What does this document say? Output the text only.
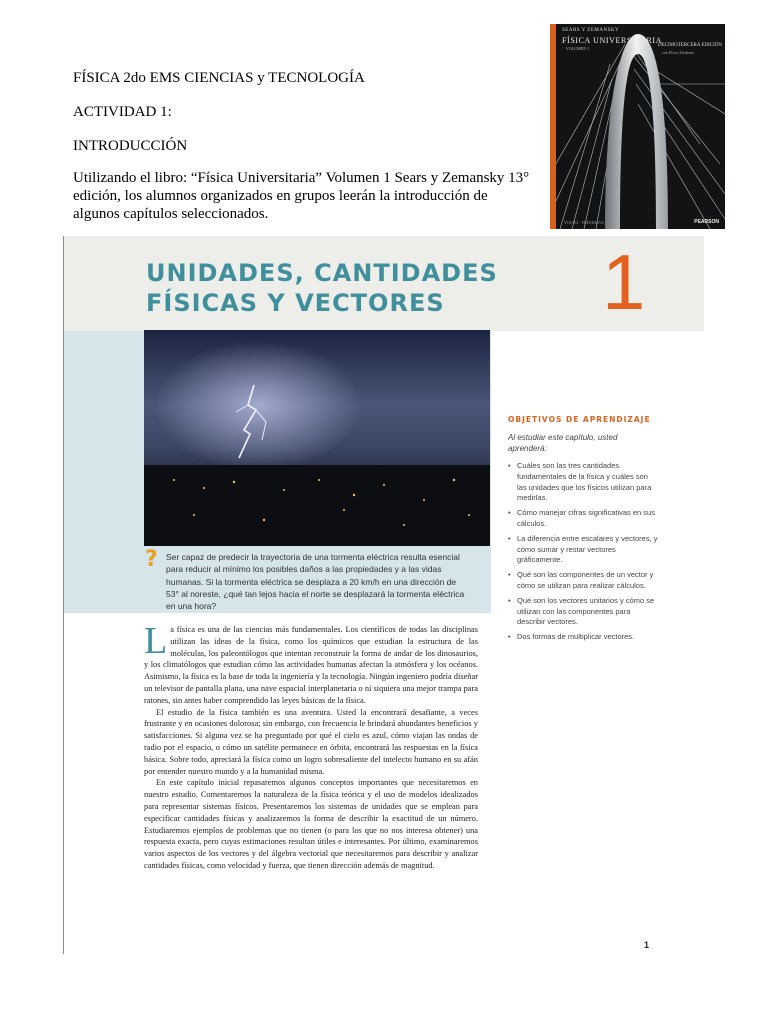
FÍSICA 2do EMS CIENCIAS y TECNOLOGÍA

ACTIVIDAD 1:

INTRODUCCIÓN

Utilizando el libro: “Física Universitaria” Volumen 1 Sears y Zemansky 13° edición, los alumnos organizados en grupos leerán la introducción de algunos capítulos seleccionados.

SEARS Y ZEMANSKY
FÍSICA UNIVERSITARIA
VOLUMEN 1
DECIMOTERCERA EDICIÓN
con Física Moderna
YOUNG · FREEDMAN	PEARSON
UNIDADES, CANTIDADES
FÍSICAS Y VECTORES	1
? Ser capaz de predecir la trayectoria de una tormenta eléctrica resulta esencial para reducir al mínimo los posibles daños a las propiedades y a las vidas humanas. Si la tormenta eléctrica se desplaza a 20 km/h en una dirección de 53° al noreste, ¿qué tan lejos hacia el norte se desplazará la tormenta eléctrica en una hora?

OBJETIVOS DE APRENDIZAJE

Al estudiar este capítulo, usted aprenderá:

• Cuáles son las tres cantidades fundamentales de la física y cuáles son las unidades que los físicos utilizan para medirlas.
• Cómo manejar cifras significativas en sus cálculos.
• La diferencia entre escalares y vectores, y cómo sumar y restar vectores gráficamente.
• Qué son las componentes de un vector y cómo se utilizan para realizar cálculos.
• Qué son los vectores unitarios y cómo se utilizan con las componentes para describir vectores.
• Dos formas de multiplicar vectores.

La física es una de las ciencias más fundamentales. Los científicos de todas las disciplinas utilizan las ideas de la física, como los químicos que estudian la estructura de las moléculas, los paleontólogos que intentan reconstruir la forma de andar de los dinosaurios, y los climatólogos que estudian cómo las actividades humanas afectan la atmósfera y los océanos. Asimismo, la física es la base de toda la ingeniería y la tecnología. Ningún ingeniero podría diseñar un televisor de pantalla plana, una nave espacial interplanetaria o ni siquiera una mejor trampa para ratones, sin antes haber comprendido las leyes básicas de la física.

El estudio de la física también es una aventura. Usted la encontrará desafiante, a veces frustrante y en ocasiones dolorosa; sin embargo, con frecuencia le brindará abundantes beneficios y satisfacciones. Si alguna vez se ha preguntado por qué el cielo es azul, cómo viajan las ondas de radio por el espacio, o cómo un satélite permanece en órbita, encontrará las respuestas en la física básica. Sobre todo, apreciará la física como un logro sobresaliente del intelecto humano en su afán por entender nuestro mundo y a la humanidad misma.

En este capítulo inicial repasaremos algunos conceptos importantes que necesitaremos en nuestro estudio. Comentaremos la naturaleza de la física teórica y el uso de modelos idealizados para representar sistemas físicos. Presentaremos los sistemas de unidades que se emplean para especificar cantidades físicas y analizaremos la forma de describir la exactitud de un número. Estudiaremos ejemplos de problemas que no tienen (o para los que no nos interesa obtener) una respuesta exacta, pero cuyas estimaciones resultan útiles e interesantes. Por último, examinaremos varios aspectos de los vectores y del álgebra vectorial que necesitaremos para describir y analizar cantidades físicas, como velocidad y fuerza, que tienen dirección además de magnitud.

1
